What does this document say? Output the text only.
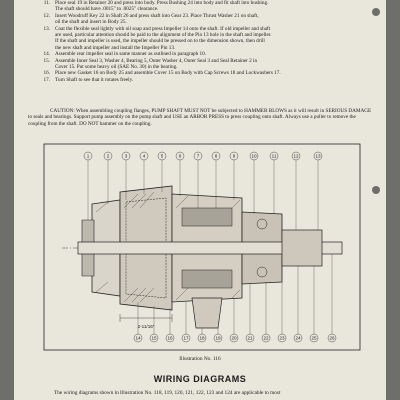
11. Place seal 19 in Retainer 20 and press into body. Press Bushing 24 into body and fit shaft into bushing.
The shaft should have .0015" to .0025" clearance.
12. Insert Woodruff Key 22 in Shaft 26 and press shaft into Gear 23. Place Thrust Washer 21 on shaft,
oil the shaft and insert in Body 25.
13. Coat the flexible seal lightly with oil soap and press Impeller 14 onto the shaft. If old impeller and shaft
are used, particular attention should be paid to the alignment of the Pin 13 hole in the shaft and impeller.
If the shaft and impeller is used, the impeller should be pressed on to the dimension shown, then drill
the new shaft and impeller and install the Impeller Pin 13.
14. Assemble rear impeller seal in same manner as outlined in paragraph 10.
15. Assemble Inner Seal 3, Washer 4, Bearing 5, Outer Washer 4, Outer Seal 3 and Seal Retainer 2 in
Cover 15. Put some heavy oil (SAE No. 30) in the bearing.
16. Place new Gasket 16 on Body 25 and assemble Cover 15 on Body with Cap Screws 18 and Lockwashers 17.
17. Turn Shaft to see that it rotates freely.
CAUTION: When assembling coupling flanges, PUMP SHAFT MUST NOT be subjected to HAMMER BLOWS as it will result in SERIOUS DAMAGE to seals and bearings. Support pump assembly on the pump shaft and USE an ARBOR PRESS to press coupling onto shaft. Always use a puller to remove the coupling from the shaft. DO NOT hammer on the coupling.
2-11/16"
1	2	3	4	5	6	7	8	9	10	11	12	13
14 15 16 17 18 19 20 21 22 23 24 25	26
Illustration No. 116
WIRING DIAGRAMS
The wiring diagrams shown in Illustration No. 118, 119, 120, 121, 122, 123 and 124 are applicable to most
